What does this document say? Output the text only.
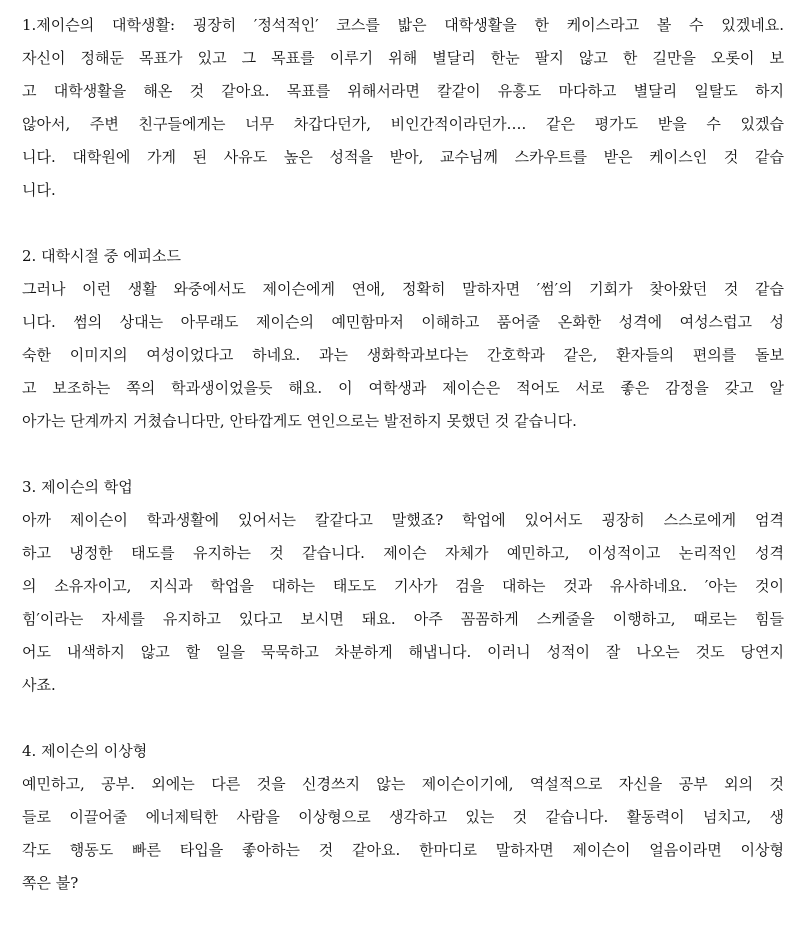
1.제이슨의 대학생활: 굉장히 ′정석적인′ 코스를 밟은 대학생활을 한 케이스라고 볼 수 있겠네요.
자신이 정해둔 목표가 있고 그 목표를 이루기 위해 별달리 한눈 팔지 않고 한 길만을 오롯이 보
고 대학생활을 해온 것 같아요. 목표를 위해서라면 칼같이 유흥도 마다하고 별달리 일탈도 하지
않아서, 주변 친구들에게는 너무 차갑다던가, 비인간적이라던가…. 같은 평가도 받을 수 있겠습
니다. 대학원에 가게 된 사유도 높은 성적을 받아, 교수님께 스카우트를 받은 케이스인 것 같습
니다.
2. 대학시절 중 에피소드
그러나 이런 생활 와중에서도 제이슨에게 연애, 정확히 말하자면 ′썸′의 기회가 찾아왔던 것 같습
니다. 썸의 상대는 아무래도 제이슨의 예민함마저 이해하고 품어줄 온화한 성격에 여성스럽고 성
숙한 이미지의 여성이었다고 하네요. 과는 생화학과보다는 간호학과 같은, 환자들의 편의를 돌보
고 보조하는 쪽의 학과생이었을듯 해요. 이 여학생과 제이슨은 적어도 서로 좋은 감정을 갖고 알
아가는 단계까지 거쳤습니다만, 안타깝게도 연인으로는 발전하지 못했던 것 같습니다.
3. 제이슨의 학업
아까 제이슨이 학과생활에 있어서는 칼같다고 말했죠? 학업에 있어서도 굉장히 스스로에게 엄격
하고 냉정한 태도를 유지하는 것 같습니다. 제이슨 자체가 예민하고, 이성적이고 논리적인 성격
의 소유자이고, 지식과 학업을 대하는 태도도 기사가 검을 대하는 것과 유사하네요. ′아는 것이
힘′이라는 자세를 유지하고 있다고 보시면 돼요. 아주 꼼꼼하게 스케줄을 이행하고, 때로는 힘들
어도 내색하지 않고 할 일을 묵묵하고 차분하게 해냅니다. 이러니 성적이 잘 나오는 것도 당연지
사죠.
4. 제이슨의 이상형
예민하고, 공부. 외에는 다른 것을 신경쓰지 않는 제이슨이기에, 역설적으로 자신을 공부 외의 것
들로 이끌어줄 에너제틱한 사람을 이상형으로 생각하고 있는 것 같습니다. 활동력이 넘치고, 생
각도 행동도 빠른 타입을 좋아하는 것 같아요. 한마디로 말하자면 제이슨이 얼음이라면 이상형
쪽은 불?
